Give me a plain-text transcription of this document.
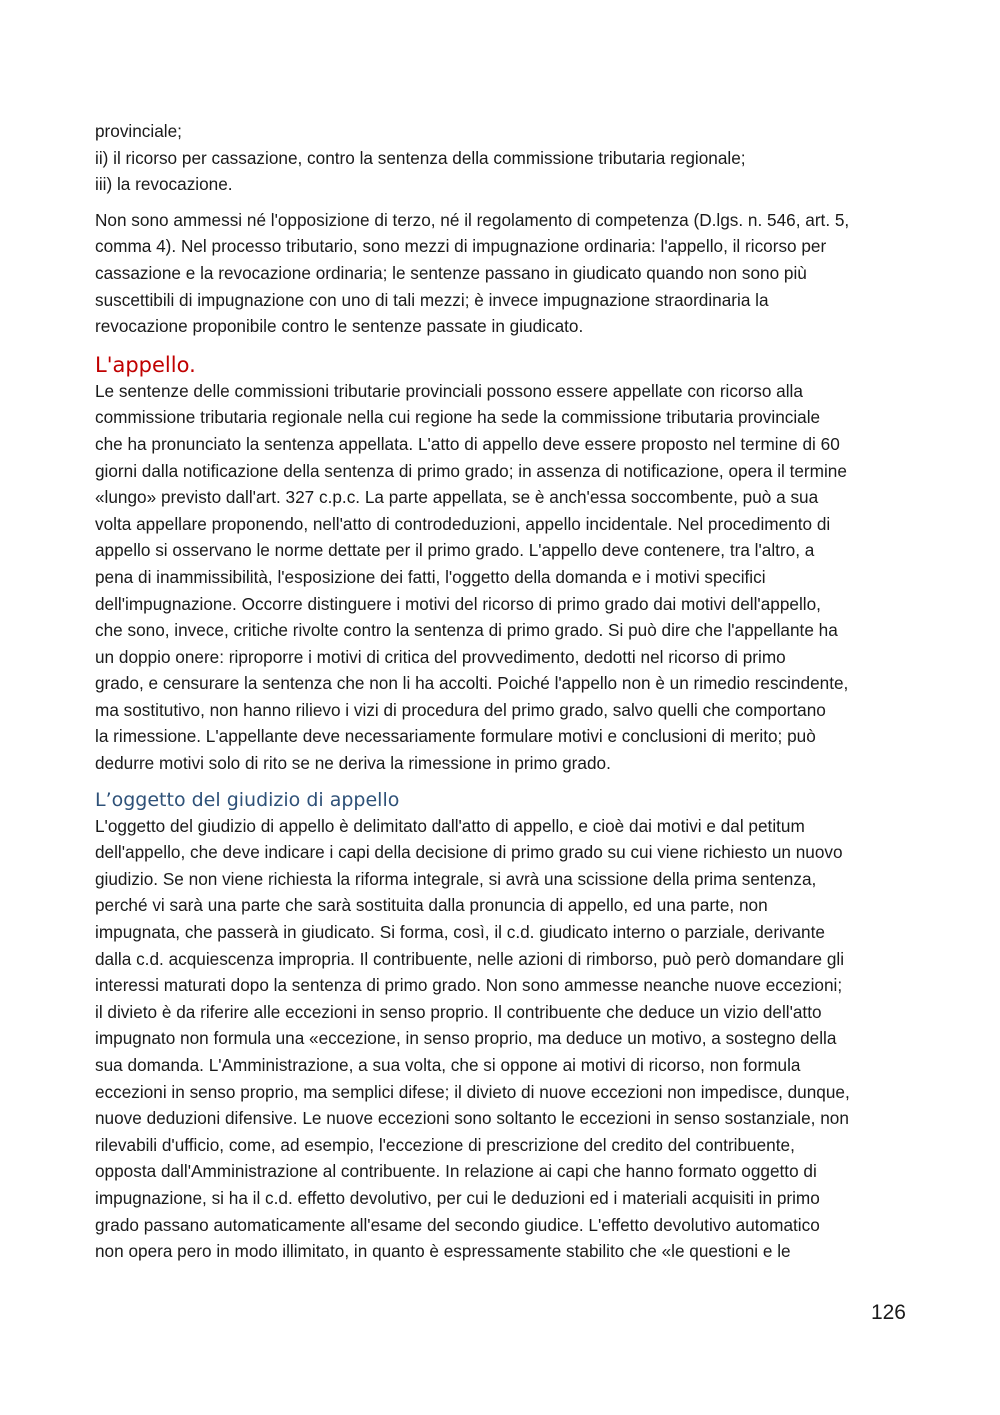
provinciale;

ii) il ricorso per cassazione, contro la sentenza della commissione tributaria regionale;

iii) la revocazione.

Non sono ammessi né l'opposizione di terzo, né il regolamento di competenza (D.lgs. n. 546, art. 5,

comma 4). Nel processo tributario, sono mezzi di impugnazione ordinaria: l'appello, il ricorso per

cassazione e la revocazione ordinaria; le sentenze passano in giudicato quando non sono più

suscettibili di impugnazione con uno di tali mezzi; è invece impugnazione straordinaria la

revocazione proponibile contro le sentenze passate in giudicato.

L'appello.

Le sentenze delle commissioni tributarie provinciali possono essere appellate con ricorso alla

commissione tributaria regionale nella cui regione ha sede la commissione tributaria provinciale

che ha pronunciato la sentenza appellata. L'atto di appello deve essere proposto nel termine di 60

giorni dalla notificazione della sentenza di primo grado; in assenza di notificazione, opera il termine

«lungo» previsto dall'art. 327 c.p.c. La parte appellata, se è anch'essa soccombente, può a sua

volta appellare proponendo, nell'atto di controdeduzioni, appello incidentale. Nel procedimento di

appello si osservano le norme dettate per il primo grado. L'appello deve contenere, tra l'altro, a

pena di inammissibilità, l'esposizione dei fatti, l'oggetto della domanda e i motivi specifici

dell'impugnazione. Occorre distinguere i motivi del ricorso di primo grado dai motivi dell'appello,

che sono, invece, critiche rivolte contro la sentenza di primo grado. Si può dire che l'appellante ha

un doppio onere: riproporre i motivi di critica del provvedimento, dedotti nel ricorso di primo

grado, e censurare la sentenza che non li ha accolti. Poiché l'appello non è un rimedio rescindente,

ma sostitutivo, non hanno rilievo i vizi di procedura del primo grado, salvo quelli che comportano

la rimessione. L'appellante deve necessariamente formulare motivi e conclusioni di merito; può

dedurre motivi solo di rito se ne deriva la rimessione in primo grado.

L’oggetto del giudizio di appello

L'oggetto del giudizio di appello è delimitato dall'atto di appello, e cioè dai motivi e dal petitum

dell'appello, che deve indicare i capi della decisione di primo grado su cui viene richiesto un nuovo

giudizio. Se non viene richiesta la riforma integrale, si avrà una scissione della prima sentenza,

perché vi sarà una parte che sarà sostituita dalla pronuncia di appello, ed una parte, non

impugnata, che passerà in giudicato. Si forma, così, il c.d. giudicato interno o parziale, derivante

dalla c.d. acquiescenza impropria. Il contribuente, nelle azioni di rimborso, può però domandare gli

interessi maturati dopo la sentenza di primo grado. Non sono ammesse neanche nuove eccezioni;

il divieto è da riferire alle eccezioni in senso proprio. Il contribuente che deduce un vizio dell'atto

impugnato non formula una «eccezione, in senso proprio, ma deduce un motivo, a sostegno della

sua domanda. L'Amministrazione, a sua volta, che si oppone ai motivi di ricorso, non formula

eccezioni in senso proprio, ma semplici difese; il divieto di nuove eccezioni non impedisce, dunque,

nuove deduzioni difensive. Le nuove eccezioni sono soltanto le eccezioni in senso sostanziale, non

rilevabili d'ufficio, come, ad esempio, l'eccezione di prescrizione del credito del contribuente,

opposta dall'Amministrazione al contribuente. In relazione ai capi che hanno formato oggetto di

impugnazione, si ha il c.d. effetto devolutivo, per cui le deduzioni ed i materiali acquisiti in primo

grado passano automaticamente all'esame del secondo giudice. L'effetto devolutivo automatico

non opera pero in modo illimitato, in quanto è espressamente stabilito che «le questioni e le

126
